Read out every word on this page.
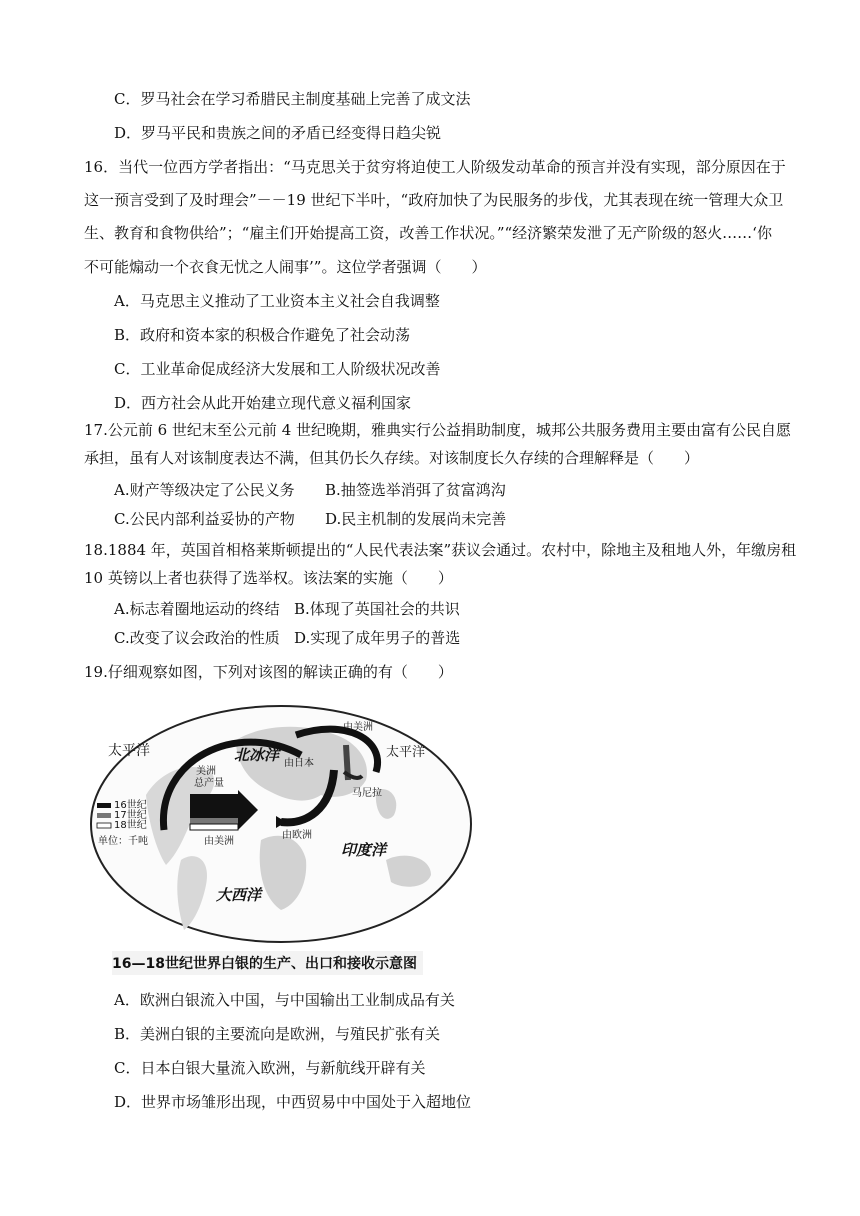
C．罗马社会在学习希腊民主制度基础上完善了成文法
D．罗马平民和贵族之间的矛盾已经变得日趋尖锐
16．当代一位西方学者指出：“马克思关于贫穷将迫使工人阶级发动革命的预言并没有实现，部分原因在于
这一预言受到了及时理会”－－19 世纪下半叶，“政府加快了为民服务的步伐，尤其表现在统一管理大众卫
生、教育和食物供给”；“雇主们开始提高工资，改善工作状况。”“经济繁荣发泄了无产阶级的怒火……‘你
不可能煽动一个衣食无忧之人闹事’”。这位学者强调（　　）
A．马克思主义推动了工业资本主义社会自我调整
B．政府和资本家的积极合作避免了社会动荡
C．工业革命促成经济大发展和工人阶级状况改善
D．西方社会从此开始建立现代意义福利国家
17.公元前 6 世纪末至公元前 4 世纪晚期，雅典实行公益捐助制度，城邦公共服务费用主要由富有公民自愿
承担，虽有人对该制度表达不满，但其仍长久存续。对该制度长久存续的合理解释是（　　）
A.财产等级决定了公民义务 B.抽签选举消弭了贫富鸿沟
C.公民内部利益妥协的产物 D.民主机制的发展尚未完善
18.1884 年，英国首相格莱斯顿提出的“人民代表法案”获议会通过。农村中，除地主及租地人外，年缴房租
10 英镑以上者也获得了选举权。该法案的实施（　　）
A.标志着圈地运动的终结 B.体现了英国社会的共识
C.改变了议会政治的性质 D.实现了成年男子的普选
19.仔细观察如图，下列对该图的解读正确的有（　　）
太平洋	北冰洋
由美洲
太平洋
由日本
美洲
总产量
马尼拉
16世纪
17世纪
18世纪
单位：千吨
由欧洲
由美洲	印度洋
大西洋
16—18世纪世界白银的生产、出口和接收示意图
A．欧洲白银流入中国，与中国输出工业制成品有关
B．美洲白银的主要流向是欧洲，与殖民扩张有关
C．日本白银大量流入欧洲，与新航线开辟有关
D．世界市场雏形出现，中西贸易中中国处于入超地位
